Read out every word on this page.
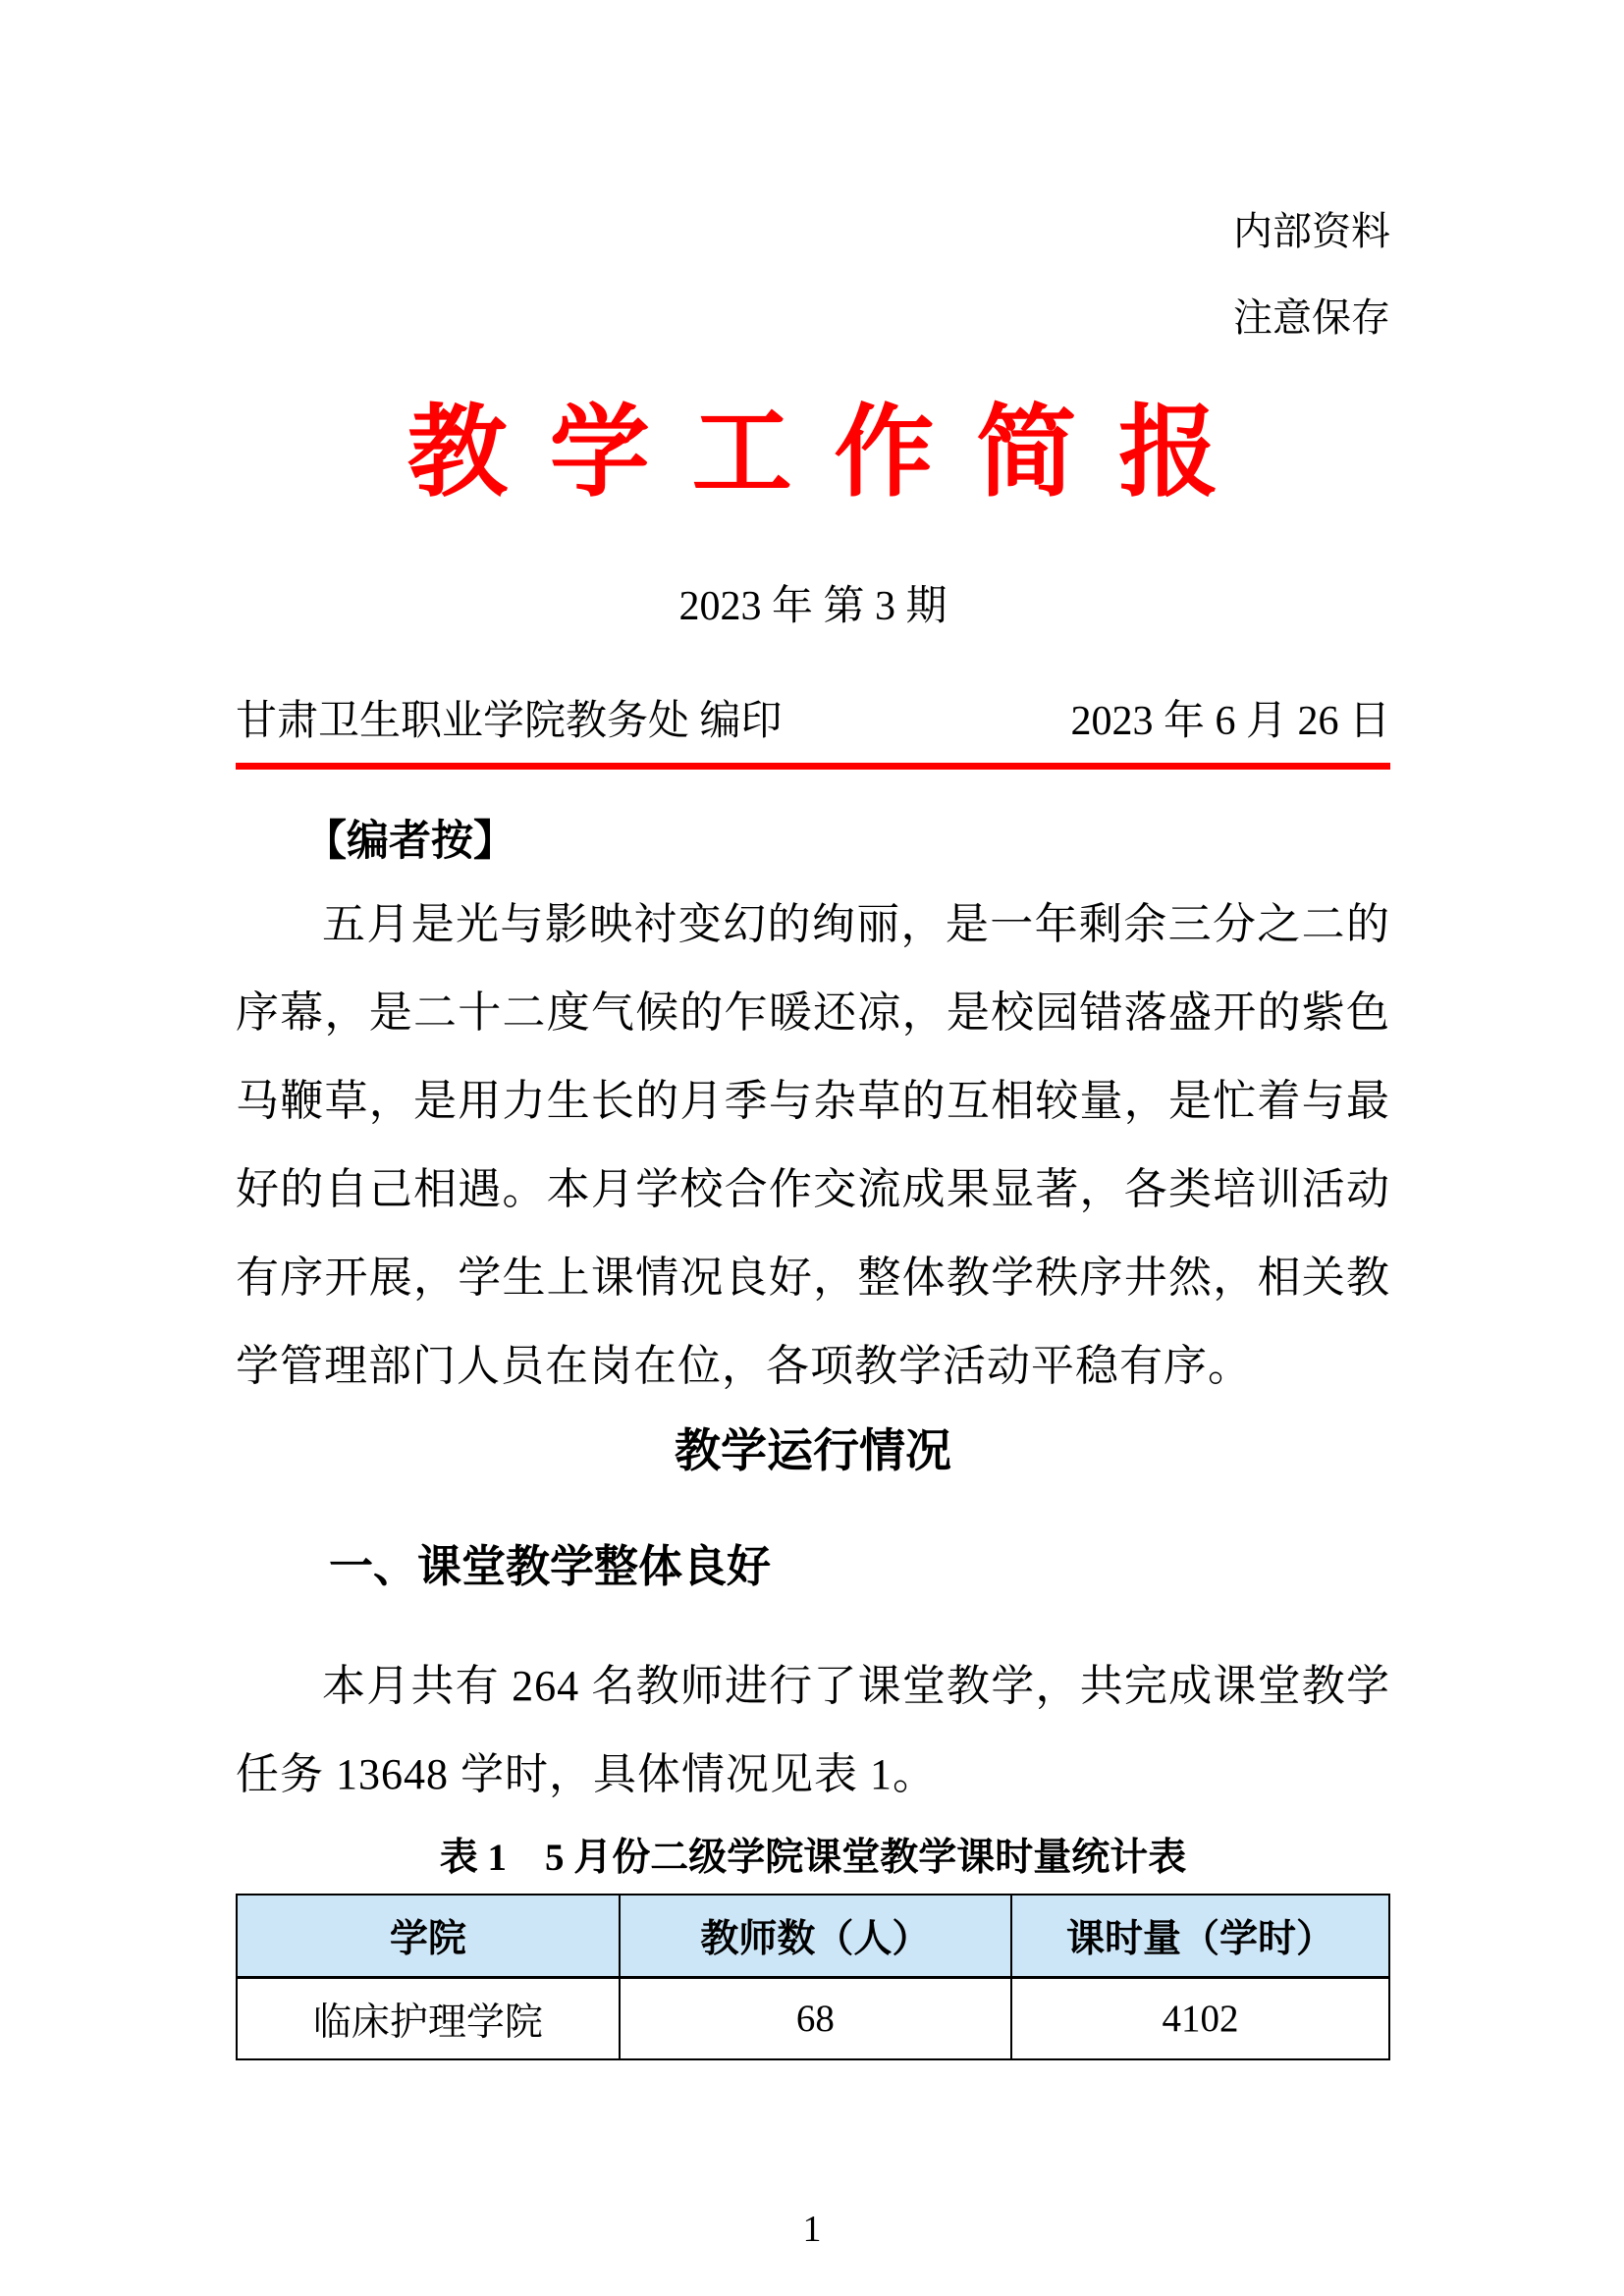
内部资料
注意保存
教学工作简报
2023 年 第 3 期
甘肃卫生职业学院教务处 编印	2023 年 6 月 26 日
【编者按】
五月是光与影映衬变幻的绚丽，是一年剩余三分之二的序幕，是二十二度气候的乍暖还凉，是校园错落盛开的紫色马鞭草，是用力生长的月季与杂草的互相较量，是忙着与最好的自己相遇。本月学校合作交流成果显著，各类培训活动有序开展，学生上课情况良好，整体教学秩序井然，相关教学管理部门人员在岗在位，各项教学活动平稳有序。
教学运行情况
一、课堂教学整体良好
本月共有 264 名教师进行了课堂教学，共完成课堂教学任务 13648 学时，具体情况见表 1。
表 1　5 月份二级学院课堂教学课时量统计表
学院	教师数（人）	课时量（学时）
临床护理学院	68	4102
1
